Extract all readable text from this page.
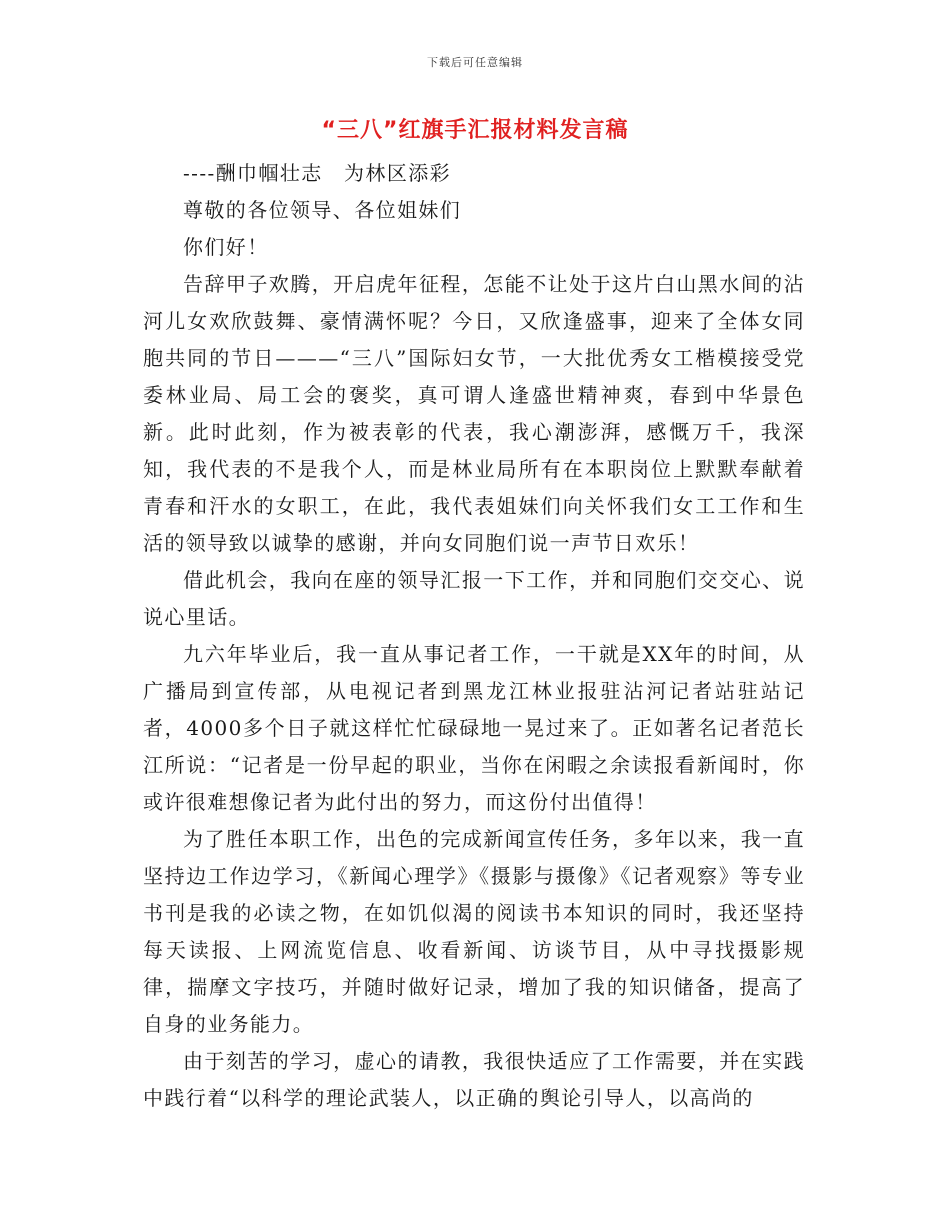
下载后可任意编辑
“三八”红旗手汇报材料发言稿

----酬巾帼壮志　为林区添彩

尊敬的各位领导、各位姐妹们

你们好！

告辞甲子欢腾，开启虎年征程，怎能不让处于这片白山黑水间的沾河儿女欢欣鼓舞、豪情满怀呢？今日，又欣逢盛事，迎来了全体女同胞共同的节日———“三八”国际妇女节，一大批优秀女工楷模接受党委林业局、局工会的褒奖，真可谓人逢盛世精神爽，春到中华景色新。此时此刻，作为被表彰的代表，我心潮澎湃，感慨万千，我深知，我代表的不是我个人，而是林业局所有在本职岗位上默默奉献着青春和汗水的女职工，在此，我代表姐妹们向关怀我们女工工作和生活的领导致以诚挚的感谢，并向女同胞们说一声节日欢乐！

借此机会，我向在座的领导汇报一下工作，并和同胞们交交心、说说心里话。

九六年毕业后，我一直从事记者工作，一干就是XX年的时间，从广播局到宣传部，从电视记者到黑龙江林业报驻沾河记者站驻站记者，4000多个日子就这样忙忙碌碌地一晃过来了。正如著名记者范长江所说：“记者是一份早起的职业，当你在闲暇之余读报看新闻时，你或许很难想像记者为此付出的努力，而这份付出值得！

为了胜任本职工作，出色的完成新闻宣传任务，多年以来，我一直坚持边工作边学习，《新闻心理学》《摄影与摄像》《记者观察》等专业书刊是我的必读之物，在如饥似渴的阅读书本知识的同时，我还坚持每天读报、上网流览信息、收看新闻、访谈节目，从中寻找摄影规律，揣摩文字技巧，并随时做好记录，增加了我的知识储备，提高了自身的业务能力。

由于刻苦的学习，虚心的请教，我很快适应了工作需要，并在实践中践行着“以科学的理论武装人，以正确的舆论引导人，以高尚的
